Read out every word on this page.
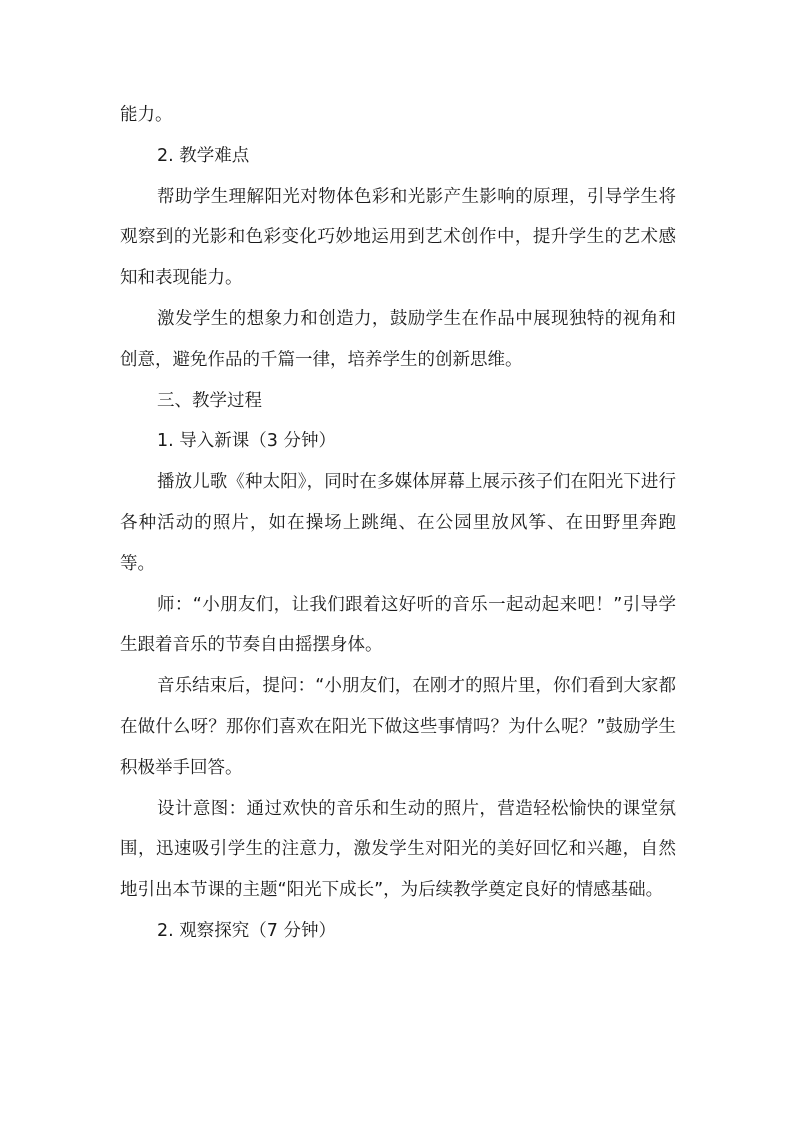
能力。

2. 教学难点

帮助学生理解阳光对物体色彩和光影产生影响的原理，引导学生将观察到的光影和色彩变化巧妙地运用到艺术创作中，提升学生的艺术感知和表现能力。

激发学生的想象力和创造力，鼓励学生在作品中展现独特的视角和创意，避免作品的千篇一律，培养学生的创新思维。

三、教学过程

1. 导入新课（3 分钟）

播放儿歌《种太阳》，同时在多媒体屏幕上展示孩子们在阳光下进行各种活动的照片，如在操场上跳绳、在公园里放风筝、在田野里奔跑等。

师：“小朋友们，让我们跟着这好听的音乐一起动起来吧！”引导学生跟着音乐的节奏自由摇摆身体。

音乐结束后，提问：“小朋友们，在刚才的照片里，你们看到大家都在做什么呀？那你们喜欢在阳光下做这些事情吗？为什么呢？”鼓励学生积极举手回答。

设计意图：通过欢快的音乐和生动的照片，营造轻松愉快的课堂氛围，迅速吸引学生的注意力，激发学生对阳光的美好回忆和兴趣，自然地引出本节课的主题“阳光下成长”，为后续教学奠定良好的情感基础。

2. 观察探究（7 分钟）
